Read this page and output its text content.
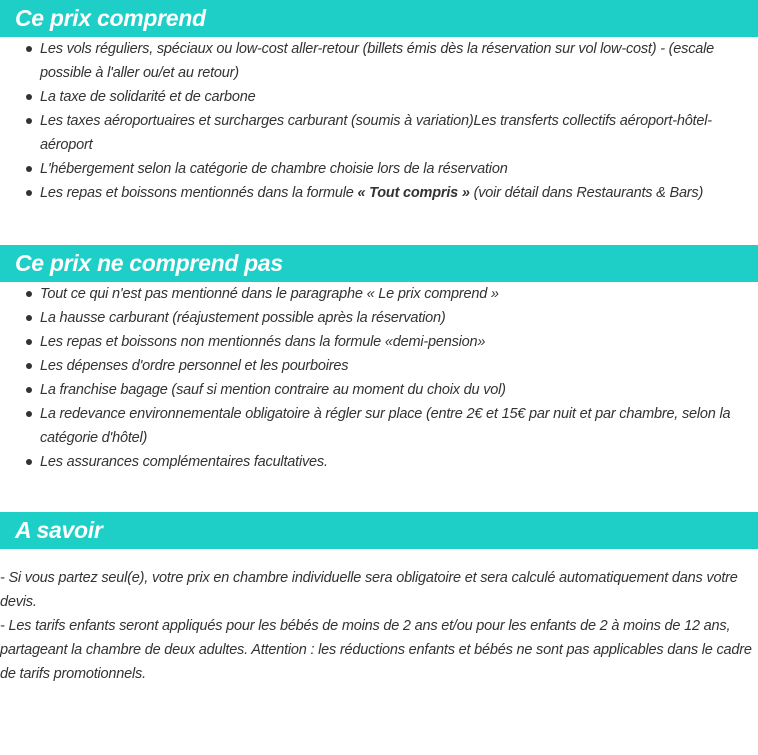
Ce prix comprend
Les vols réguliers, spéciaux ou low-cost aller-retour (billets émis dès la réservation sur vol low-cost) - (escale possible à l'aller ou/et au retour)
La taxe de solidarité et de carbone
Les taxes aéroportuaires et surcharges carburant (soumis à variation)Les transferts collectifs aéroport-hôtel-aéroport
L'hébergement selon la catégorie de chambre choisie lors de la réservation
Les repas et boissons mentionnés dans la formule « Tout compris » (voir détail dans Restaurants & Bars)
Ce prix ne comprend pas
Tout ce qui n'est pas mentionné dans le paragraphe « Le prix comprend »
La hausse carburant (réajustement possible après la réservation)
Les repas et boissons non mentionnés dans la formule «demi-pension»
Les dépenses d'ordre personnel et les pourboires
La franchise bagage (sauf si mention contraire au moment du choix du vol)
La redevance environnementale obligatoire à régler sur place (entre 2€ et 15€ par nuit et par chambre, selon la catégorie d'hôtel)
Les assurances complémentaires facultatives.
A savoir

- Si vous partez seul(e), votre prix en chambre individuelle sera obligatoire et sera calculé automatiquement dans votre devis.

- Les tarifs enfants seront appliqués pour les bébés de moins de 2 ans et/ou pour les enfants de 2 à moins de 12 ans, partageant la chambre de deux adultes. Attention : les réductions enfants et bébés ne sont pas applicables dans le cadre de tarifs promotionnels.
